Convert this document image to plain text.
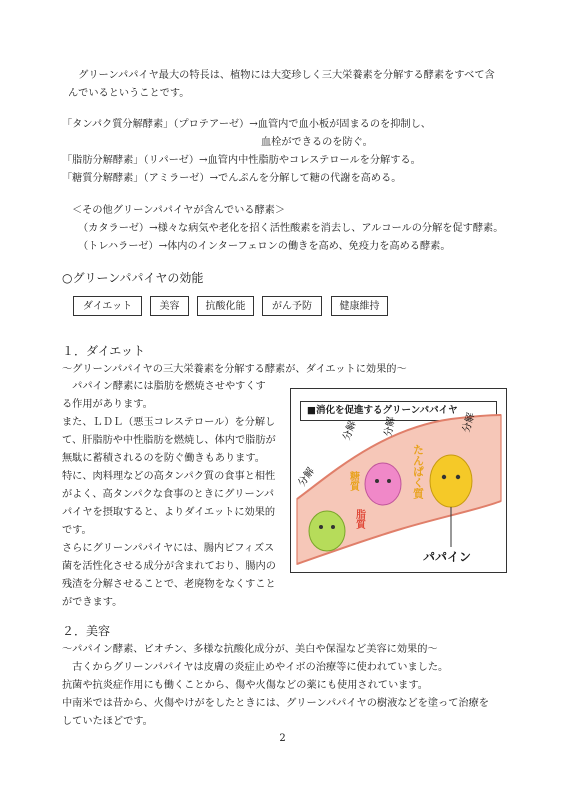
　グリーンパパイヤ最大の特長は、植物には大変珍しく三大栄養素を分解する酵素をすべて含
んでいるということです。
「タンパク質分解酵素」（プロテアーゼ）→血管内で血小板が固まるのを抑制し、
血栓ができるのを防ぐ。
「脂肪分解酵素」（リパーゼ）→血管内中性脂肪やコレステロールを分解する。
「糖質分解酵素」（アミラーゼ）→でんぷんを分解して糖の代謝を高める。
＜その他グリーンパパイヤが含んでいる酵素＞
（カタラーゼ）→様々な病気や老化を招く活性酸素を消去し、アルコールの分解を促す酵素。
（トレハラーゼ）→体内のインターフェロンの働きを高め、免疫力を高める酵素。
○グリーンパパイヤの効能
ダイエット	美容	抗酸化能	がん予防	健康維持
１．ダイエット
～グリーンパパイヤの三大栄養素を分解する酵素が、ダイエットに効果的～
　パパイン酵素には脂肪を燃焼させやすくす
る作用があります。
また、ＬＤＬ（悪玉コレステロール）を分解し
て、肝脂肪や中性脂肪を燃焼し、体内で脂肪が
無駄に蓄積されるのを防ぐ働きもあります。
特に、肉料理などの高タンパク質の食事と相性
がよく、高タンパクな食事のときにグリーンパ
パイヤを摂取すると、よりダイエットに効果的
です。
さらにグリーンパパイヤには、腸内ビフィズス
菌を活性化させる成分が含まれており、腸内の
残渣を分解させることで、老廃物をなくすこと
ができます。
■消化を促進するグリーンパパイヤ
分解
分解 分解	分解
糖質
脂質
たんぱく質
パパイン
２．美容
～パパイン酵素、ビオチン、多様な抗酸化成分が、美白や保湿など美容に効果的～
　古くからグリーンパパイヤは皮膚の炎症止めやイボの治療等に使われていました。
抗菌や抗炎症作用にも働くことから、傷や火傷などの薬にも使用されています。
中南米では昔から、火傷やけがをしたときには、グリーンパパイヤの樹液などを塗って治療を
していたほどです。
2
